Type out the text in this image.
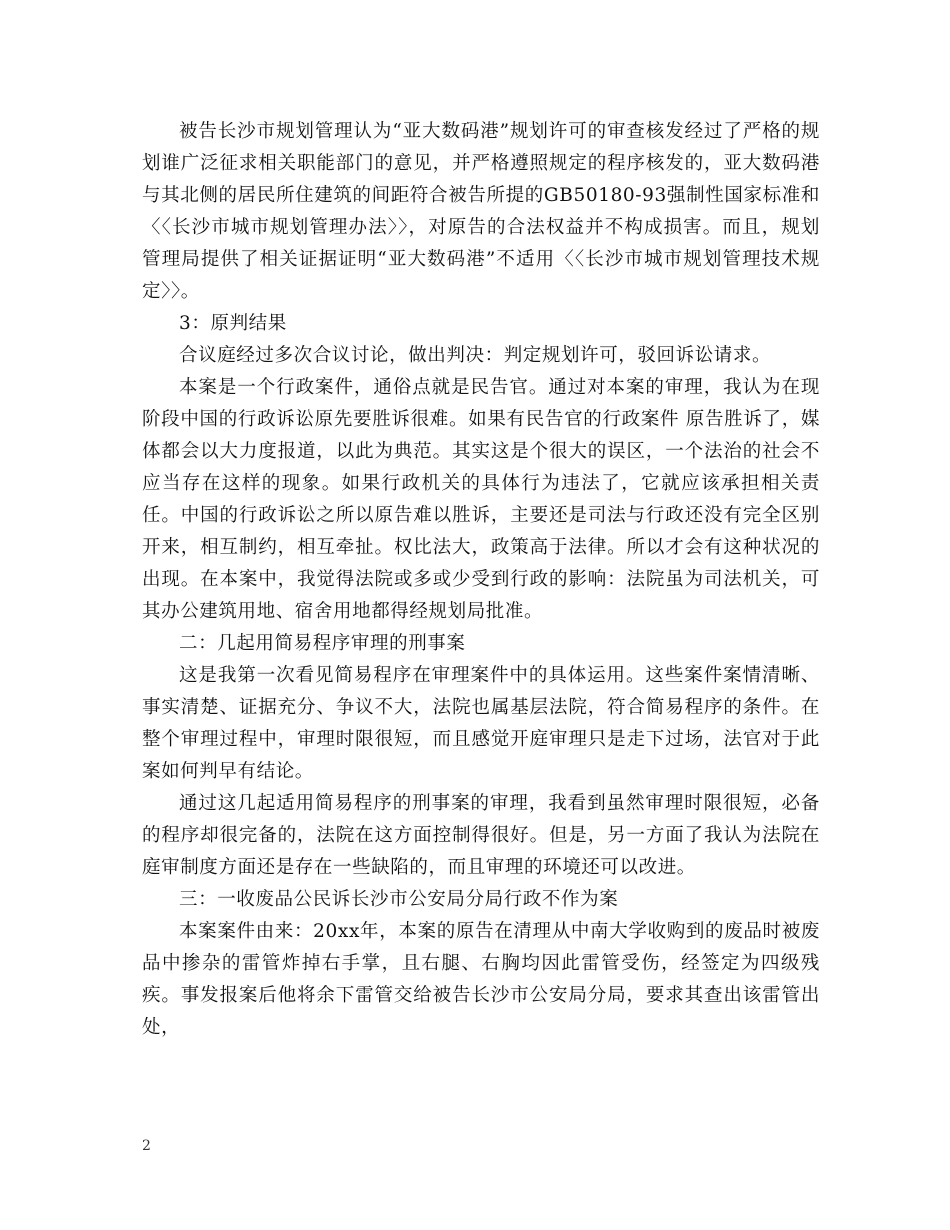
被告长沙市规划管理认为“亚大数码港”规划许可的审查核发经过了严格的规划谁广泛征求相关职能部门的意见，并严格遵照规定的程序核发的，亚大数码港与其北侧的居民所住建筑的间距符合被告所提的GB50180-93强制性国家标准和〈〈长沙市城市规划管理办法〉〉，对原告的合法权益并不构成损害。而且，规划管理局提供了相关证据证明“亚大数码港”不适用〈〈长沙市城市规划管理技术规定〉〉。

3：原判结果

合议庭经过多次合议讨论，做出判决：判定规划许可，驳回诉讼请求。

本案是一个行政案件，通俗点就是民告官。通过对本案的审理，我认为在现阶段中国的行政诉讼原先要胜诉很难。如果有民告官的行政案件 原告胜诉了，媒体都会以大力度报道，以此为典范。其实这是个很大的误区，一个法治的社会不应当存在这样的现象。如果行政机关的具体行为违法了，它就应该承担相关责任。中国的行政诉讼之所以原告难以胜诉，主要还是司法与行政还没有完全区别开来，相互制约，相互牵扯。权比法大，政策高于法律。所以才会有这种状况的出现。在本案中，我觉得法院或多或少受到行政的影响：法院虽为司法机关，可其办公建筑用地、宿舍用地都得经规划局批准。

二：几起用简易程序审理的刑事案

这是我第一次看见简易程序在审理案件中的具体运用。这些案件案情清晰、事实清楚、证据充分、争议不大，法院也属基层法院，符合简易程序的条件。在整个审理过程中，审理时限很短，而且感觉开庭审理只是走下过场，法官对于此案如何判早有结论。

通过这几起适用简易程序的刑事案的审理，我看到虽然审理时限很短，必备的程序却很完备的，法院在这方面控制得很好。但是，另一方面了我认为法院在庭审制度方面还是存在一些缺陷的，而且审理的环境还可以改进。

三：一收废品公民诉长沙市公安局分局行政不作为案

本案案件由来：20xx年，本案的原告在清理从中南大学收购到的废品时被废品中掺杂的雷管炸掉右手掌，且右腿、右胸均因此雷管受伤，经签定为四级残疾。事发报案后他将余下雷管交给被告长沙市公安局分局，要求其查出该雷管出处，

2
